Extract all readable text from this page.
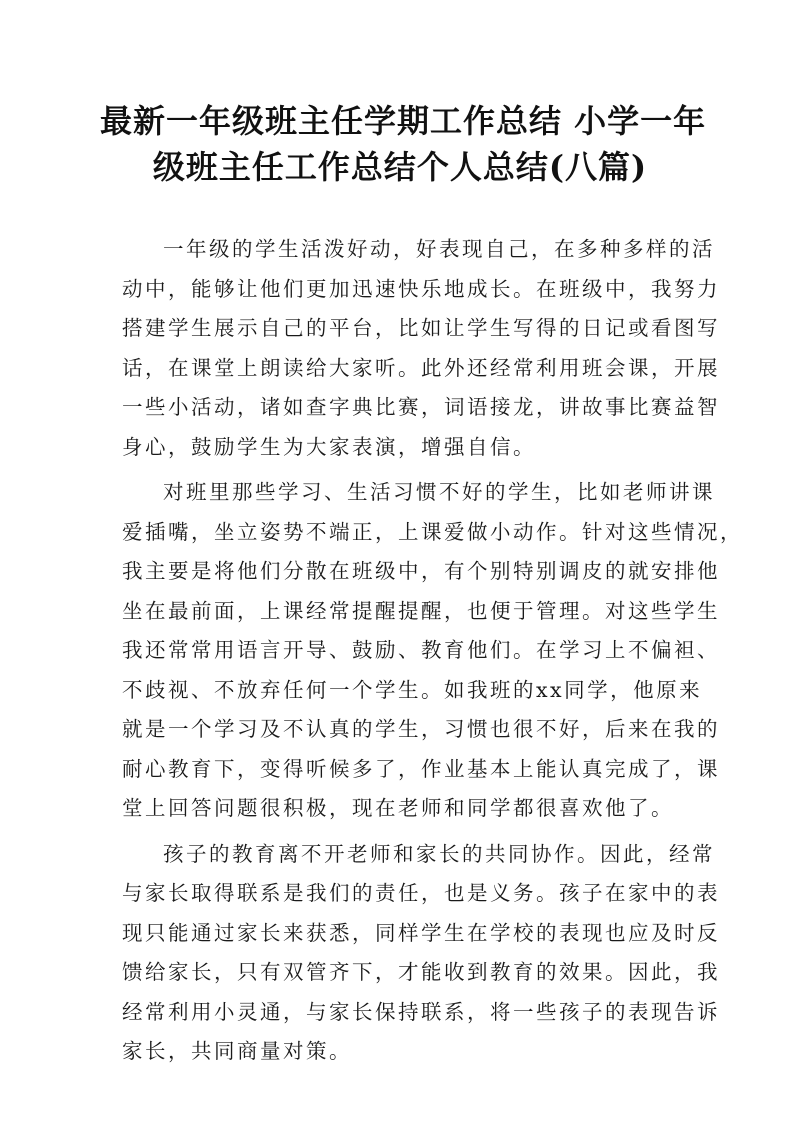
最新一年级班主任学期工作总结 小学一年
级班主任工作总结个人总结(八篇)
一年级的学生活泼好动，好表现自己，在多种多样的活
动中，能够让他们更加迅速快乐地成长。在班级中，我努力
搭建学生展示自己的平台，比如让学生写得的日记或看图写
话，在课堂上朗读给大家听。此外还经常利用班会课，开展
一些小活动，诸如查字典比赛，词语接龙，讲故事比赛益智
身心，鼓励学生为大家表演，增强自信。
对班里那些学习、生活习惯不好的学生，比如老师讲课
爱插嘴，坐立姿势不端正，上课爱做小动作。针对这些情况，
我主要是将他们分散在班级中，有个别特别调皮的就安排他
坐在最前面，上课经常提醒提醒，也便于管理。对这些学生
我还常常用语言开导、鼓励、教育他们。在学习上不偏袒、
不歧视、不放弃任何一个学生。如我班的xx同学，他原来
就是一个学习及不认真的学生，习惯也很不好，后来在我的
耐心教育下，变得听候多了，作业基本上能认真完成了，课
堂上回答问题很积极，现在老师和同学都很喜欢他了。
孩子的教育离不开老师和家长的共同协作。因此，经常
与家长取得联系是我们的责任，也是义务。孩子在家中的表
现只能通过家长来获悉，同样学生在学校的表现也应及时反
馈给家长，只有双管齐下，才能收到教育的效果。因此，我
经常利用小灵通，与家长保持联系，将一些孩子的表现告诉
家长，共同商量对策。
